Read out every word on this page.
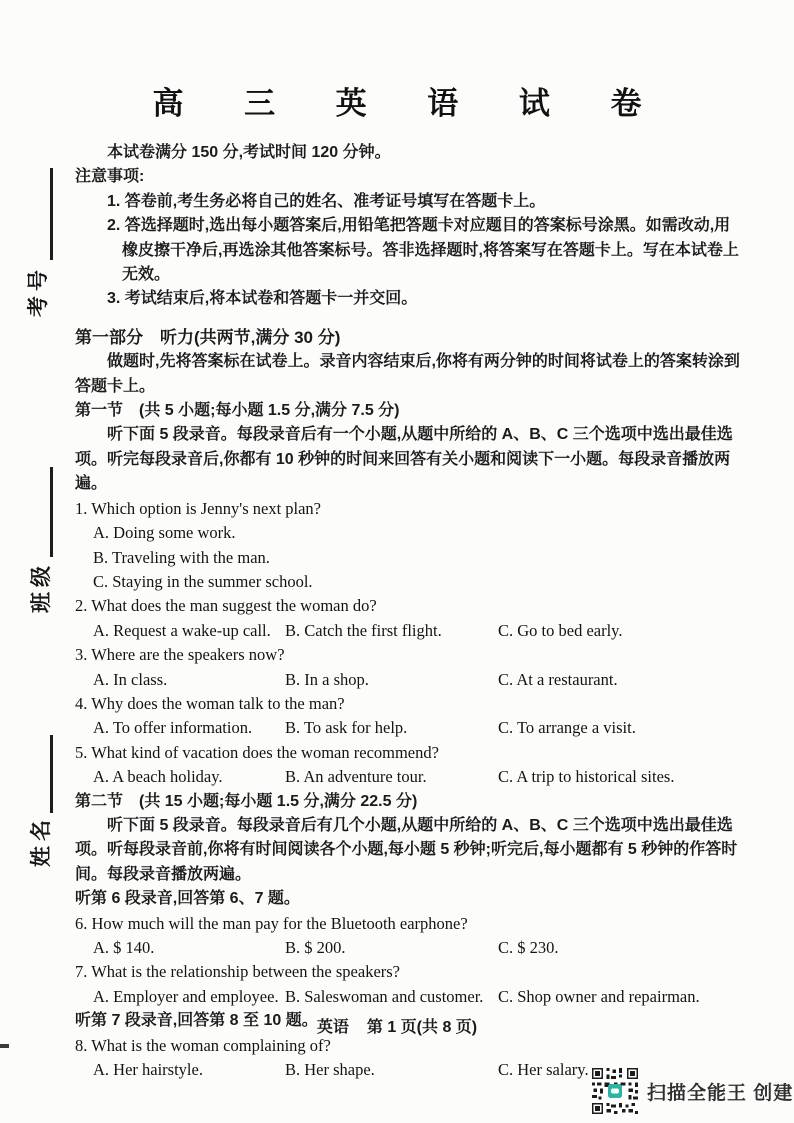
高 三 英 语 试 卷
考号
班级
姓名
本试卷满分 150 分,考试时间 120 分钟。
注意事项:
1. 答卷前,考生务必将自己的姓名、准考证号填写在答题卡上。
2. 答选择题时,选出每小题答案后,用铅笔把答题卡对应题目的答案标号涂黑。如需改动,用橡皮擦干净后,再选涂其他答案标号。答非选择题时,将答案写在答题卡上。写在本试卷上无效。
3. 考试结束后,将本试卷和答题卡一并交回。
第一部分　听力(共两节,满分 30 分)
做题时,先将答案标在试卷上。录音内容结束后,你将有两分钟的时间将试卷上的答案转涂到答题卡上。
第一节　(共 5 小题;每小题 1.5 分,满分 7.5 分)
听下面 5 段录音。每段录音后有一个小题,从题中所给的 A、B、C 三个选项中选出最佳选项。听完每段录音后,你都有 10 秒钟的时间来回答有关小题和阅读下一小题。每段录音播放两遍。
1. Which option is Jenny's next plan?
A. Doing some work.
B. Traveling with the man.
C. Staying in the summer school.
2. What does the man suggest the woman do?
A. Request a wake-up call. B. Catch the first flight.	C. Go to bed early.
3. Where are the speakers now?
A. In class.	B. In a shop.	C. At a restaurant.
4. Why does the woman talk to the man?
A. To offer information.	B. To ask for help.	C. To arrange a visit.
5. What kind of vacation does the woman recommend?
A. A beach holiday.	B. An adventure tour.	C. A trip to historical sites.
第二节　(共 15 小题;每小题 1.5 分,满分 22.5 分)
听下面 5 段录音。每段录音后有几个小题,从题中所给的 A、B、C 三个选项中选出最佳选项。听每段录音前,你将有时间阅读各个小题,每小题 5 秒钟;听完后,每小题都有 5 秒钟的作答时间。每段录音播放两遍。
听第 6 段录音,回答第 6、7 题。
6. How much will the man pay for the Bluetooth earphone?
A. $ 140.	B. $ 200.	C. $ 230.
7. What is the relationship between the speakers?
A. Employer and employee. B. Saleswoman and customer. C. Shop owner and repairman.
听第 7 段录音,回答第 8 至 10 题。
8. What is the woman complaining of?
A. Her hairstyle.	B. Her shape.	C. Her salary.
英语 第 1 页(共 8 页)
扫描全能王 创建
